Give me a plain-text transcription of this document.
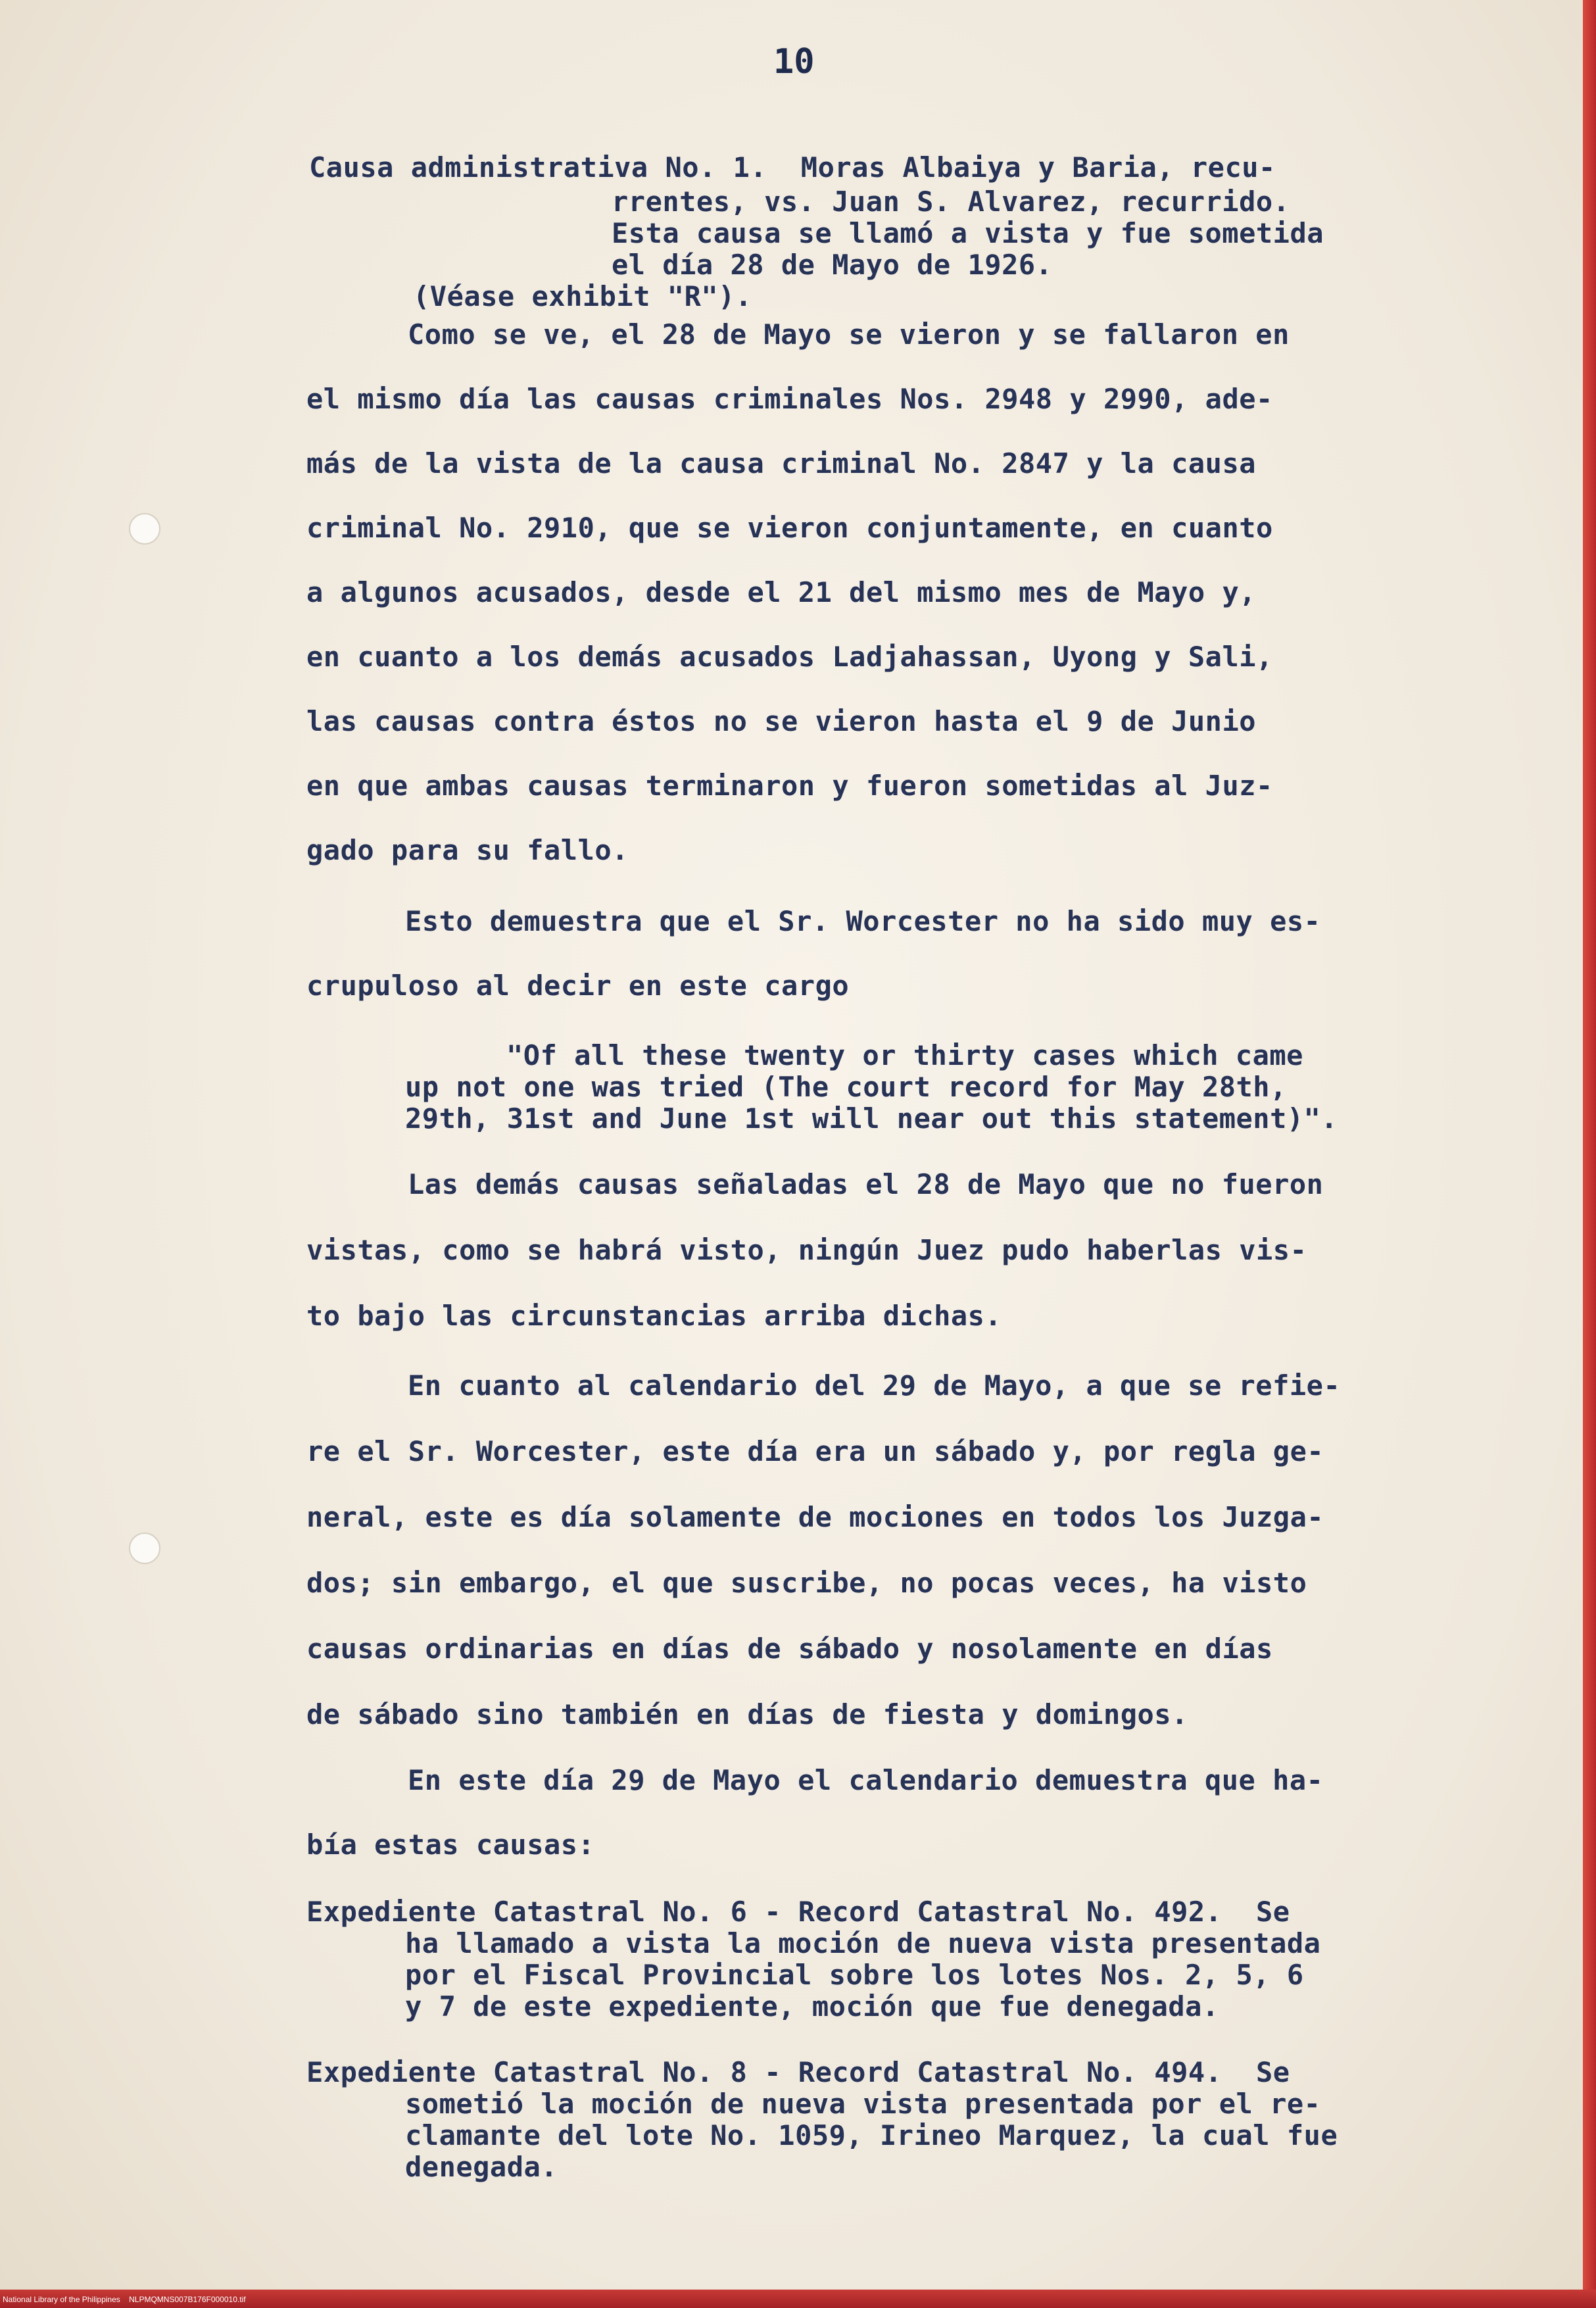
10
Causa administrativa No. 1.  Moras Albaiya y Baria, recu-
rrentes, vs. Juan S. Alvarez, recurrido.
Esta causa se llamó a vista y fue sometida
el día 28 de Mayo de 1926.
(Véase exhibit "R").
Como se ve, el 28 de Mayo se vieron y se fallaron en
el mismo día las causas criminales Nos. 2948 y 2990, ade-
más de la vista de la causa criminal No. 2847 y la causa
criminal No. 2910, que se vieron conjuntamente, en cuanto
a algunos acusados, desde el 21 del mismo mes de Mayo y,
en cuanto a los demás acusados Ladjahassan, Uyong y Sali,
las causas contra éstos no se vieron hasta el 9 de Junio
en que ambas causas terminaron y fueron sometidas al Juz-
gado para su fallo.
Esto demuestra que el Sr. Worcester no ha sido muy es-
crupuloso al decir en este cargo
"Of all these twenty or thirty cases which came
up not one was tried (The court record for May 28th,
29th, 31st and June 1st will near out this statement)".
Las demás causas señaladas el 28 de Mayo que no fueron
vistas, como se habrá visto, ningún Juez pudo haberlas vis-
to bajo las circunstancias arriba dichas.
En cuanto al calendario del 29 de Mayo, a que se refie-
re el Sr. Worcester, este día era un sábado y, por regla ge-
neral, este es día solamente de mociones en todos los Juzga-
dos; sin embargo, el que suscribe, no pocas veces, ha visto
causas ordinarias en días de sábado y nosolamente en días
de sábado sino también en días de fiesta y domingos.
En este día 29 de Mayo el calendario demuestra que ha-
bía estas causas:
Expediente Catastral No. 6 - Record Catastral No. 492.  Se
ha llamado a vista la moción de nueva vista presentada
por el Fiscal Provincial sobre los lotes Nos. 2, 5, 6
y 7 de este expediente, moción que fue denegada.
Expediente Catastral No. 8 - Record Catastral No. 494.  Se
sometió la moción de nueva vista presentada por el re-
clamante del lote No. 1059, Irineo Marquez, la cual fue
denegada.
National Library of the Philippines    NLPMQMNS007B176F000010.tif
